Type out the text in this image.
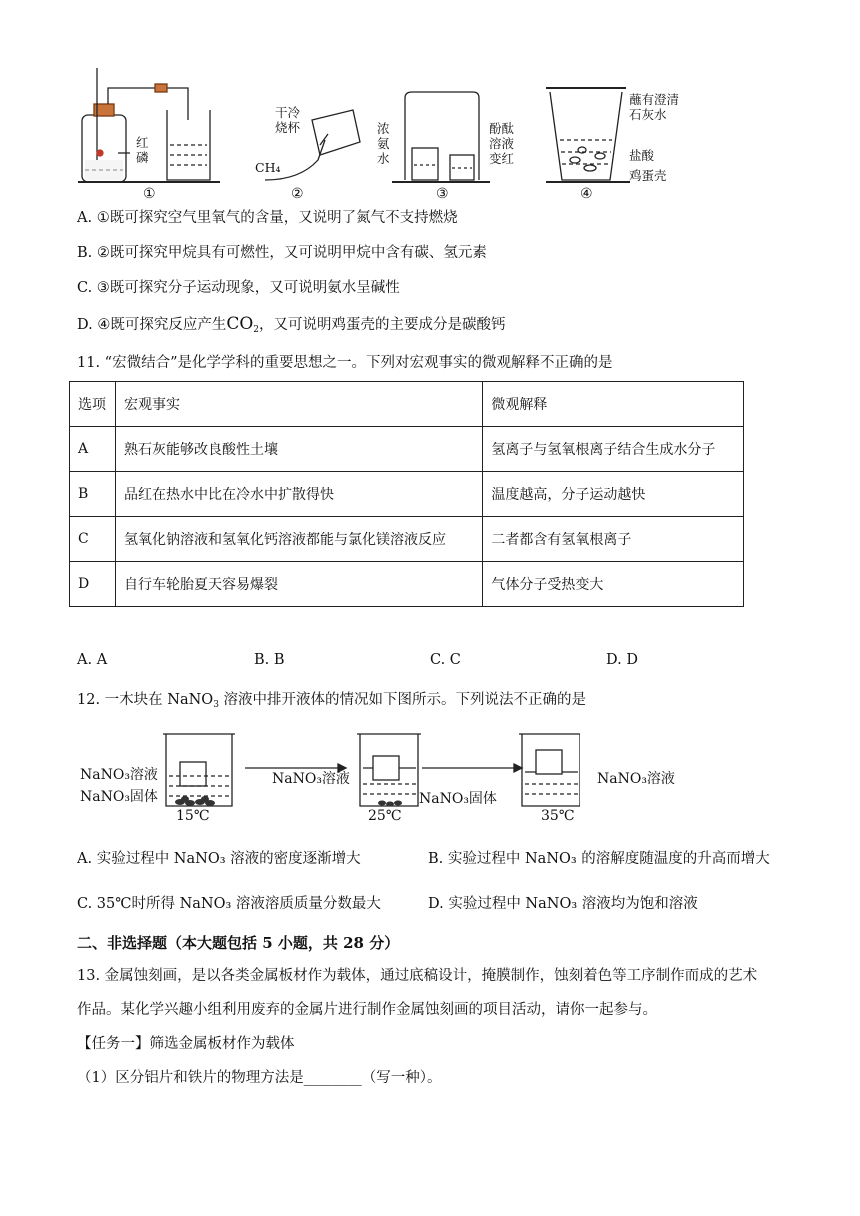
红
磷
干冷
烧杯
CH₄
浓
氨
水
酚酞
溶液
变红
蘸有澄清
石灰水
盐酸
鸡蛋壳
①	②	③	④
A. ①既可探究空气里氧气的含量，又说明了氮气不支持燃烧
B. ②既可探究甲烷具有可燃性，又可说明甲烷中含有碳、氢元素
C. ③既可探究分子运动现象，又可说明氨水呈碱性
D. ④既可探究反应产生$CO_2$，又可说明鸡蛋壳的主要成分是碳酸钙
11. “宏微结合”是化学学科的重要思想之一。下列对宏观事实的微观解释不正确的是
选项	宏观事实	微观解释
A	熟石灰能够改良酸性土壤	氢离子与氢氧根离子结合生成水分子
B	品红在热水中比在冷水中扩散得快	温度越高，分子运动越快
C	氢氧化钠溶液和氢氧化钙溶液都能与氯化镁溶液反应	二者都含有氢氧根离子
D	自行车轮胎夏天容易爆裂	气体分子受热变大
A. A	B. B	C. C	D. D
12. 一木块在 NaNO$_3$ 溶液中排开液体的情况如下图所示。下列说法不正确的是
NaNO₃溶液
NaNO₃固体
NaNO₃溶液
NaNO₃固体
NaNO₃溶液
15℃	25℃	35℃
A. 实验过程中 NaNO₃ 溶液的密度逐渐增大	B. 实验过程中 NaNO₃ 的溶解度随温度的升高而增大
C. 35℃时所得 NaNO₃ 溶液溶质质量分数最大	D. 实验过程中 NaNO₃ 溶液均为饱和溶液
二、非选择题（本大题包括 5 小题，共 28 分）
13. 金属蚀刻画，是以各类金属板材作为载体，通过底稿设计，掩膜制作，蚀刻着色等工序制作而成的艺术
作品。某化学兴趣小组利用废弃的金属片进行制作金属蚀刻画的项目活动，请你一起参与。
【任务一】筛选金属板材作为载体
（1）区分铝片和铁片的物理方法是________（写一种）。
